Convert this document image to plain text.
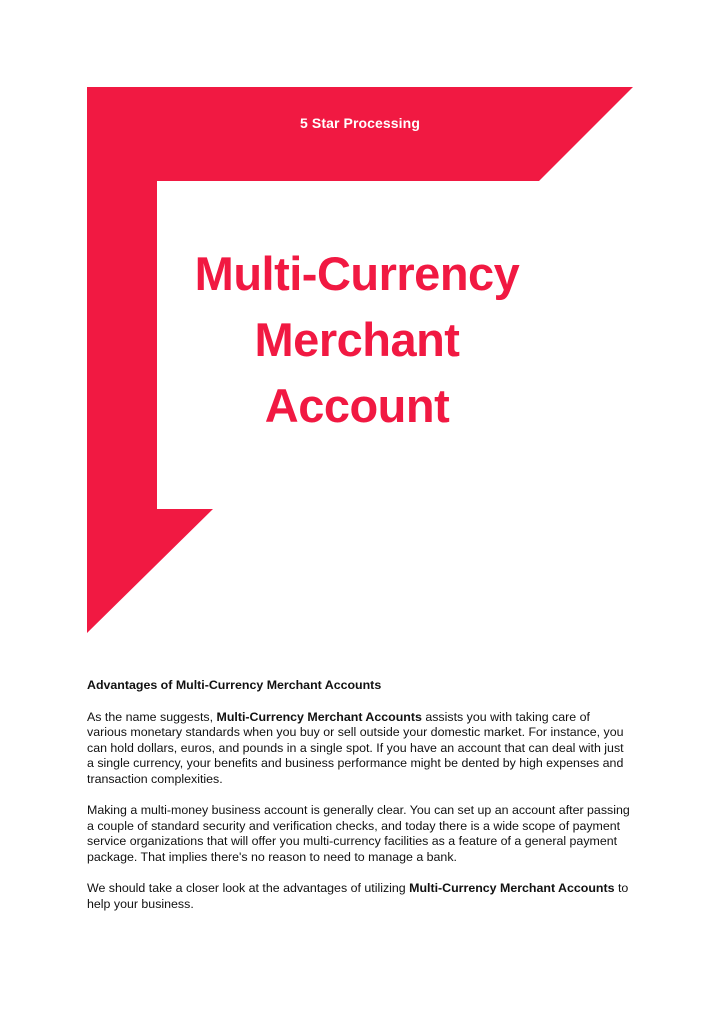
5 Star Processing
Multi-Currency
Merchant
Account
Phone: (888) 253-9692
Visit: https://5starprocessing.com
Advantages of Multi-Currency Merchant Accounts

As the name suggests, Multi-Currency Merchant Accounts assists you with taking care of various monetary standards when you buy or sell outside your domestic market. For instance, you can hold dollars, euros, and pounds in a single spot. If you have an account that can deal with just a single currency, your benefits and business performance might be dented by high expenses and transaction complexities.

Making a multi-money business account is generally clear. You can set up an account after passing a couple of standard security and verification checks, and today there is a wide scope of payment service organizations that will offer you multi-currency facilities as a feature of a general payment package. That implies there's no reason to need to manage a bank.

We should take a closer look at the advantages of utilizing Multi-Currency Merchant Accounts to help your business.
